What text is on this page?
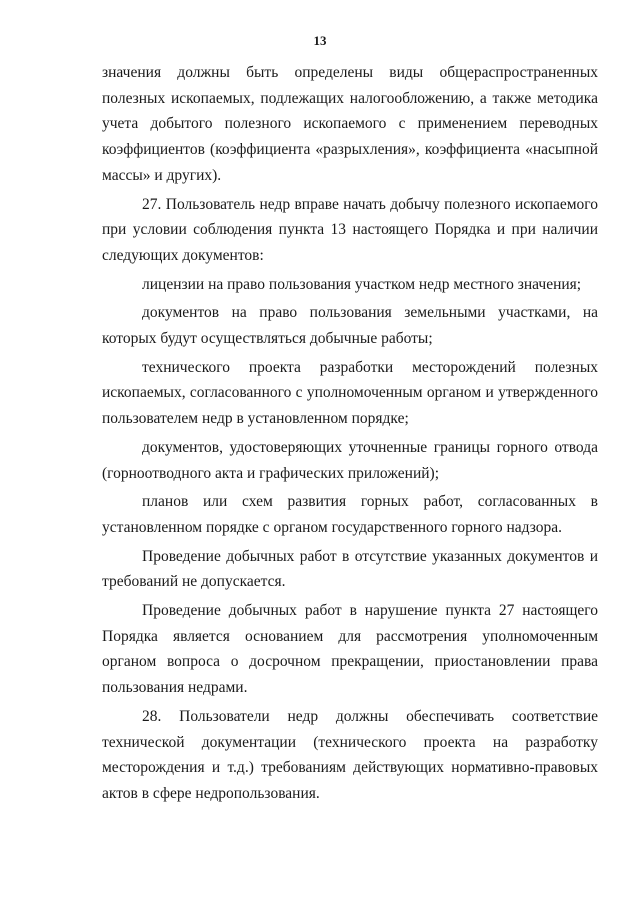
13

значения должны быть определены виды общераспространенных полезных ископаемых, подлежащих налогообложению, а также методика учета добытого полезного ископаемого с применением переводных коэффициентов (коэффициента «разрыхления», коэффициента «насыпной массы» и других).

27. Пользователь недр вправе начать добычу полезного ископаемого при условии соблюдения пункта 13 настоящего Порядка и при наличии следующих документов:

лицензии на право пользования участком недр местного значения;

документов на право пользования земельными участками, на которых будут осуществляться добычные работы;

технического проекта разработки месторождений полезных ископаемых, согласованного с уполномоченным органом и утвержденного пользователем недр в установленном порядке;

документов, удостоверяющих уточненные границы горного отвода (горноотводного акта и графических приложений);

планов или схем развития горных работ, согласованных в установленном порядке с органом государственного горного надзора.

Проведение добычных работ в отсутствие указанных документов и требований не допускается.

Проведение добычных работ в нарушение пункта 27 настоящего Порядка является основанием для рассмотрения уполномоченным органом вопроса о досрочном прекращении, приостановлении права пользования недрами.

28. Пользователи недр должны обеспечивать соответствие технической документации (технического проекта на разработку месторождения и т.д.) требованиям действующих нормативно-правовых актов в сфере недропользования.
